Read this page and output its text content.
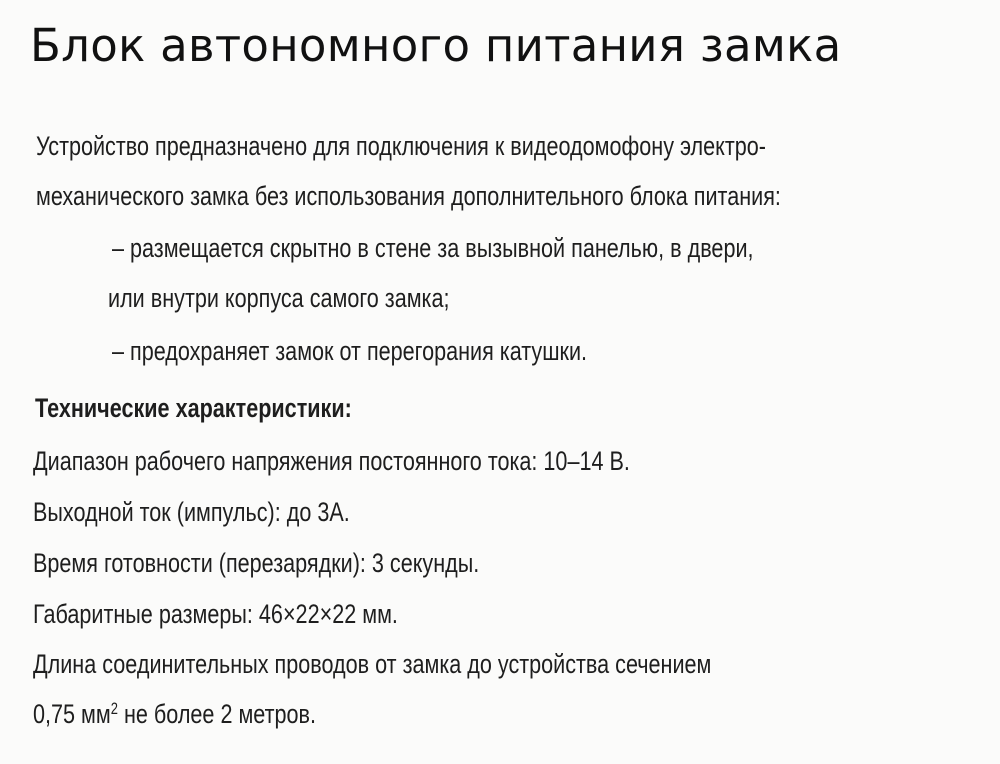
Блок автономного питания замка
Устройство предназначено для подключения к видеодомофону электро-
механического замка без использования дополнительного блока питания:
– размещается скрытно в стене за вызывной панелью, в двери,
или внутри корпуса самого замка;
– предохраняет замок от перегорания катушки.
Технические характеристики:
Диапазон рабочего напряжения постоянного тока: 10–14 В.
Выходной ток (импульс): до 3А.
Время готовности (перезарядки): 3 секунды.
Габаритные размеры: 46×22×22 мм.
Длина соединительных проводов от замка до устройства сечением
0,75 $мм^2$ не более 2 метров.
